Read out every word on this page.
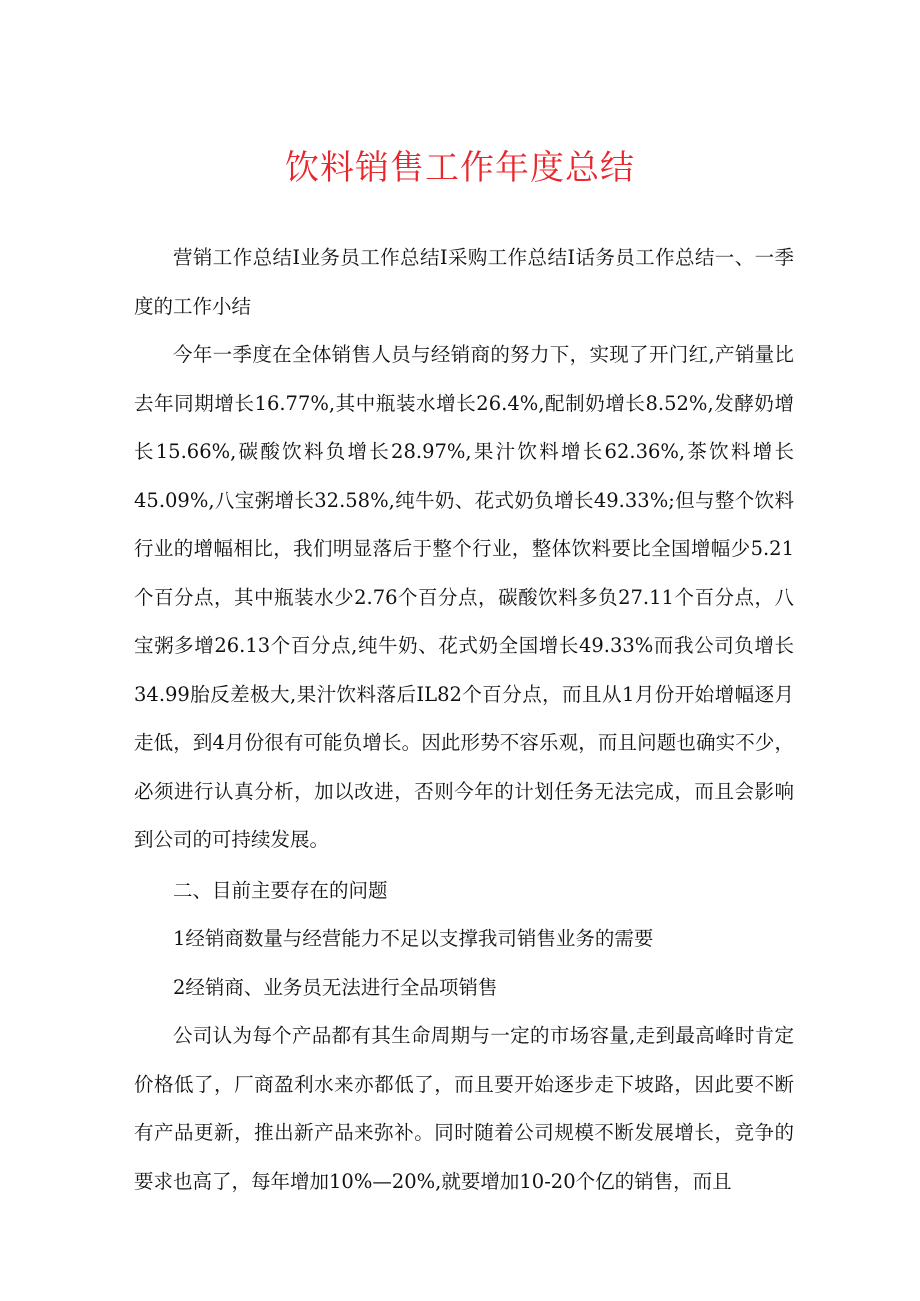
饮料销售工作年度总结

营销工作总结I业务员工作总结I采购工作总结I话务员工作总结一、一季度的工作小结

今年一季度在全体销售人员与经销商的努力下，实现了开门红,产销量比去年同期增长16.77%,其中瓶装水增长26.4%,配制奶增长8.52%,发酵奶增长15.66%,碳酸饮料负增长28.97%,果汁饮料增长62.36%,茶饮料增长45.09%,八宝粥增长32.58%,纯牛奶、花式奶负增长49.33%;但与整个饮料行业的增幅相比，我们明显落后于整个行业，整体饮料要比全国增幅少5.21个百分点，其中瓶装水少2.76个百分点，碳酸饮料多负27.11个百分点，八宝粥多增26.13个百分点,纯牛奶、花式奶全国增长49.33%而我公司负增长34.99胎反差极大,果汁饮料落后IL82个百分点，而且从1月份开始增幅逐月走低，到4月份很有可能负增长。因此形势不容乐观，而且问题也确实不少，必须进行认真分析，加以改进，否则今年的计划任务无法完成，而且会影响到公司的可持续发展。

二、目前主要存在的问题

1经销商数量与经营能力不足以支撑我司销售业务的需要

2经销商、业务员无法进行全品项销售

公司认为每个产品都有其生命周期与一定的市场容量,走到最高峰时肯定价格低了，厂商盈利水来亦都低了，而且要开始逐步走下坡路，因此要不断有产品更新，推出新产品来弥补。同时随着公司规模不断发展增长，竞争的要求也高了，每年增加10%—20%,就要增加10-20个亿的销售，而且
